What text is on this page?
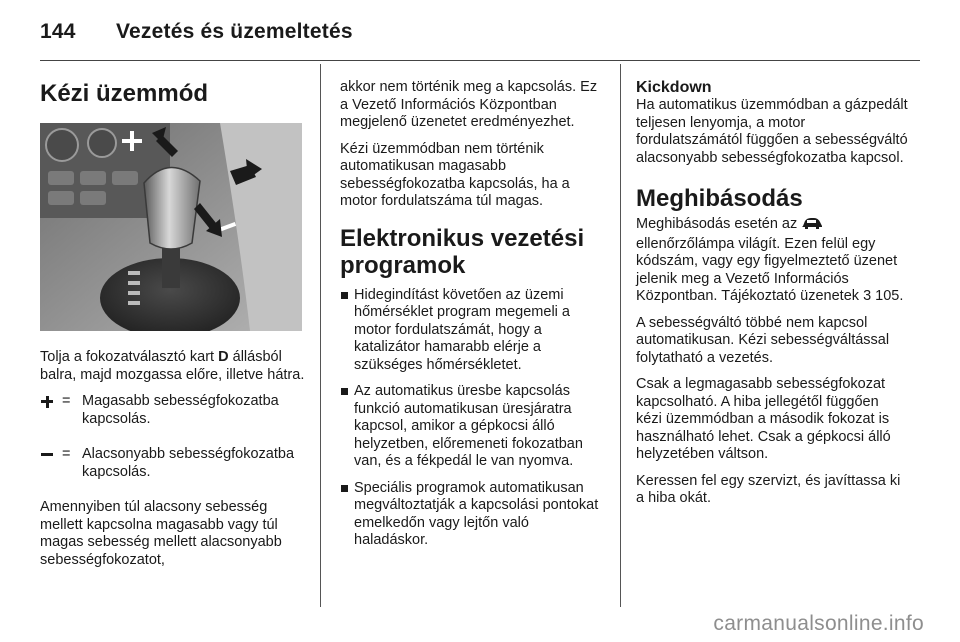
144	Vezetés és üzemeltetés
Kézi üzemmód

Tolja a fokozatválasztó kart D állásból balra, majd mozgassa előre, illetve hátra.

= Magasabb sebességfokozatba kapcsolás.
= Alacsonyabb sebességfokozatba kapcsolás.

Amennyiben túl alacsony sebesség mellett kapcsolna magasabb vagy túl magas sebesség mellett alacsonyabb sebességfokozatot,

akkor nem történik meg a kapcsolás. Ez a Vezető Információs Központban megjelenő üzenetet eredményezhet.

Kézi üzemmódban nem történik automatikusan magasabb sebességfokozatba kapcsolás, ha a motor fordulatszáma túl magas.

Elektronikus vezetési programok
Hidegindítást követően az üzemi hőmérséklet program megemeli a motor fordulatszámát, hogy a katalizátor hamarabb elérje a szükséges hőmérsékletet.
Az automatikus üresbe kapcsolás funkció automatikusan üresjáratra kapcsol, amikor a gépkocsi álló helyzetben, előremeneti fokozatban van, és a fékpedál le van nyomva.
Speciális programok automatikusan megváltoztatják a kapcsolási pontokat emelkedőn vagy lejtőn való haladáskor.
Kickdown

Ha automatikus üzemmódban a gázpedált teljesen lenyomja, a motor fordulatszámától függően a sebességváltó alacsonyabb sebességfokozatba kapcsol.

Meghibásodás

Meghibásodás esetén az  ellenőrzőlámpa világít. Ezen felül egy kódszám, vagy egy figyelmeztető üzenet jelenik meg a Vezető Információs Központban. Tájékoztató üzenetek 3 105.

A sebességváltó többé nem kapcsol automatikusan. Kézi sebességváltással folytatható a vezetés.

Csak a legmagasabb sebességfokozat kapcsolható. A hiba jellegétől függően kézi üzemmódban a második fokozat is használható lehet. Csak a gépkocsi álló helyzetében váltson.

Keressen fel egy szervizt, és javíttassa ki a hiba okát.

carmanualsonline.info
